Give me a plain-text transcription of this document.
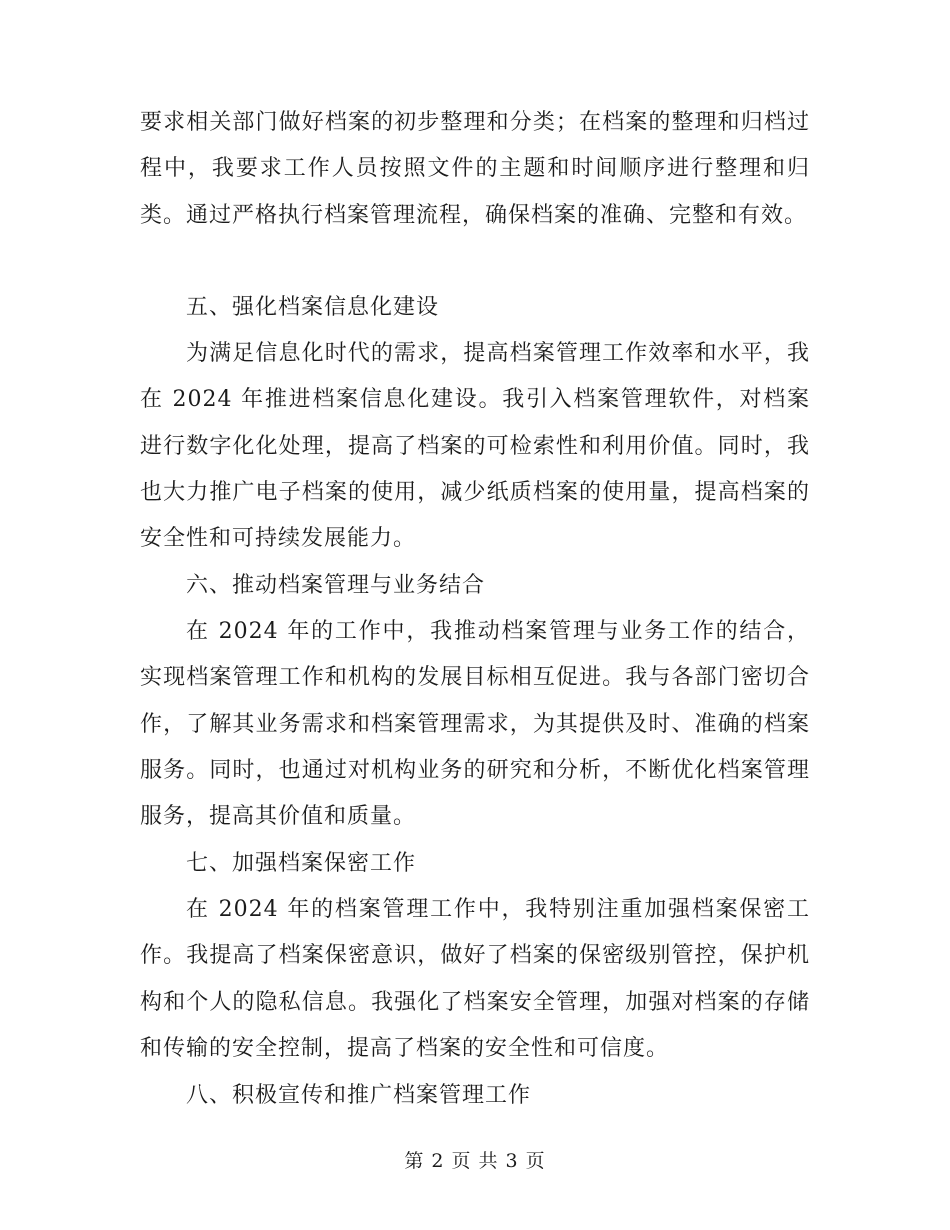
要求相关部门做好档案的初步整理和分类；在档案的整理和归档过程中，我要求工作人员按照文件的主题和时间顺序进行整理和归类。通过严格执行档案管理流程，确保档案的准确、完整和有效。
五、强化档案信息化建设
为满足信息化时代的需求，提高档案管理工作效率和水平，我在 2024 年推进档案信息化建设。我引入档案管理软件，对档案进行数字化化处理，提高了档案的可检索性和利用价值。同时，我也大力推广电子档案的使用，减少纸质档案的使用量，提高档案的安全性和可持续发展能力。
六、推动档案管理与业务结合
在 2024 年的工作中，我推动档案管理与业务工作的结合，实现档案管理工作和机构的发展目标相互促进。我与各部门密切合作，了解其业务需求和档案管理需求，为其提供及时、准确的档案服务。同时，也通过对机构业务的研究和分析，不断优化档案管理服务，提高其价值和质量。
七、加强档案保密工作
在 2024 年的档案管理工作中，我特别注重加强档案保密工作。我提高了档案保密意识，做好了档案的保密级别管控，保护机构和个人的隐私信息。我强化了档案安全管理，加强对档案的存储和传输的安全控制，提高了档案的安全性和可信度。
八、积极宣传和推广档案管理工作
第 2 页 共 3 页
